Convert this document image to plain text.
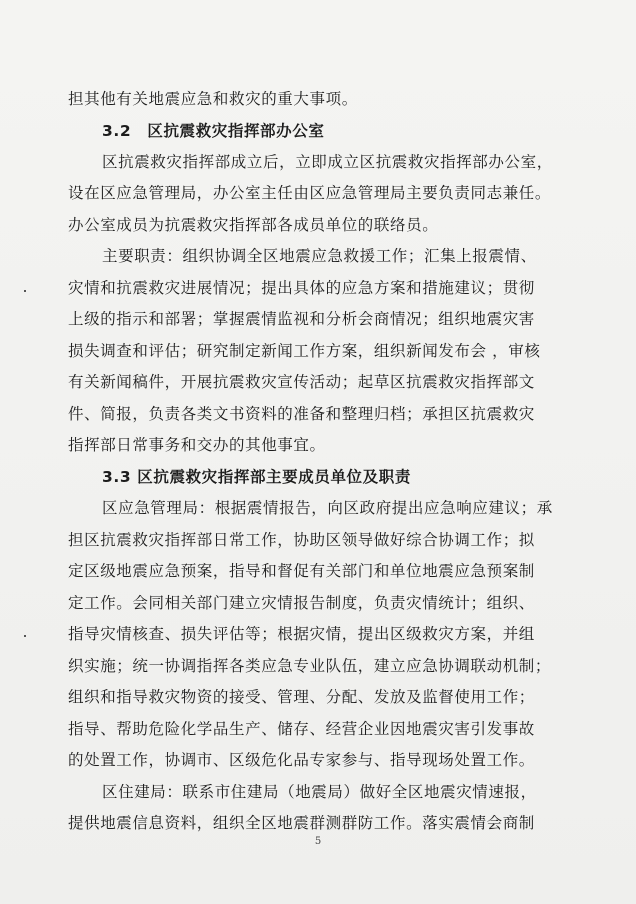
担其他有关地震应急和救灾的重大事项。
3.2　区抗震救灾指挥部办公室
区抗震救灾指挥部成立后，立即成立区抗震救灾指挥部办公室，
设在区应急管理局，办公室主任由区应急管理局主要负责同志兼任。
办公室成员为抗震救灾指挥部各成员单位的联络员。
主要职责：组织协调全区地震应急救援工作；汇集上报震情、
灾情和抗震救灾进展情况；提出具体的应急方案和措施建议；贯彻
上级的指示和部署；掌握震情监视和分析会商情况；组织地震灾害
损失调查和评估；研究制定新闻工作方案，组织新闻发布会 ，审核
有关新闻稿件，开展抗震救灾宣传活动；起草区抗震救灾指挥部文
件、简报，负责各类文书资料的准备和整理归档；承担区抗震救灾
指挥部日常事务和交办的其他事宜。
3.3 区抗震救灾指挥部主要成员单位及职责
区应急管理局：根据震情报告，向区政府提出应急响应建议；承
担区抗震救灾指挥部日常工作，协助区领导做好综合协调工作；拟
定区级地震应急预案，指导和督促有关部门和单位地震应急预案制
定工作。会同相关部门建立灾情报告制度，负责灾情统计；组织、
指导灾情核查、损失评估等；根据灾情，提出区级救灾方案，并组
织实施；统一协调指挥各类应急专业队伍，建立应急协调联动机制；
组织和指导救灾物资的接受、管理、分配、发放及监督使用工作；
指导、帮助危险化学品生产、储存、经营企业因地震灾害引发事故
的处置工作，协调市、区级危化品专家参与、指导现场处置工作。
区住建局：联系市住建局（地震局）做好全区地震灾情速报，
提供地震信息资料，组织全区地震群测群防工作。落实震情会商制
5
